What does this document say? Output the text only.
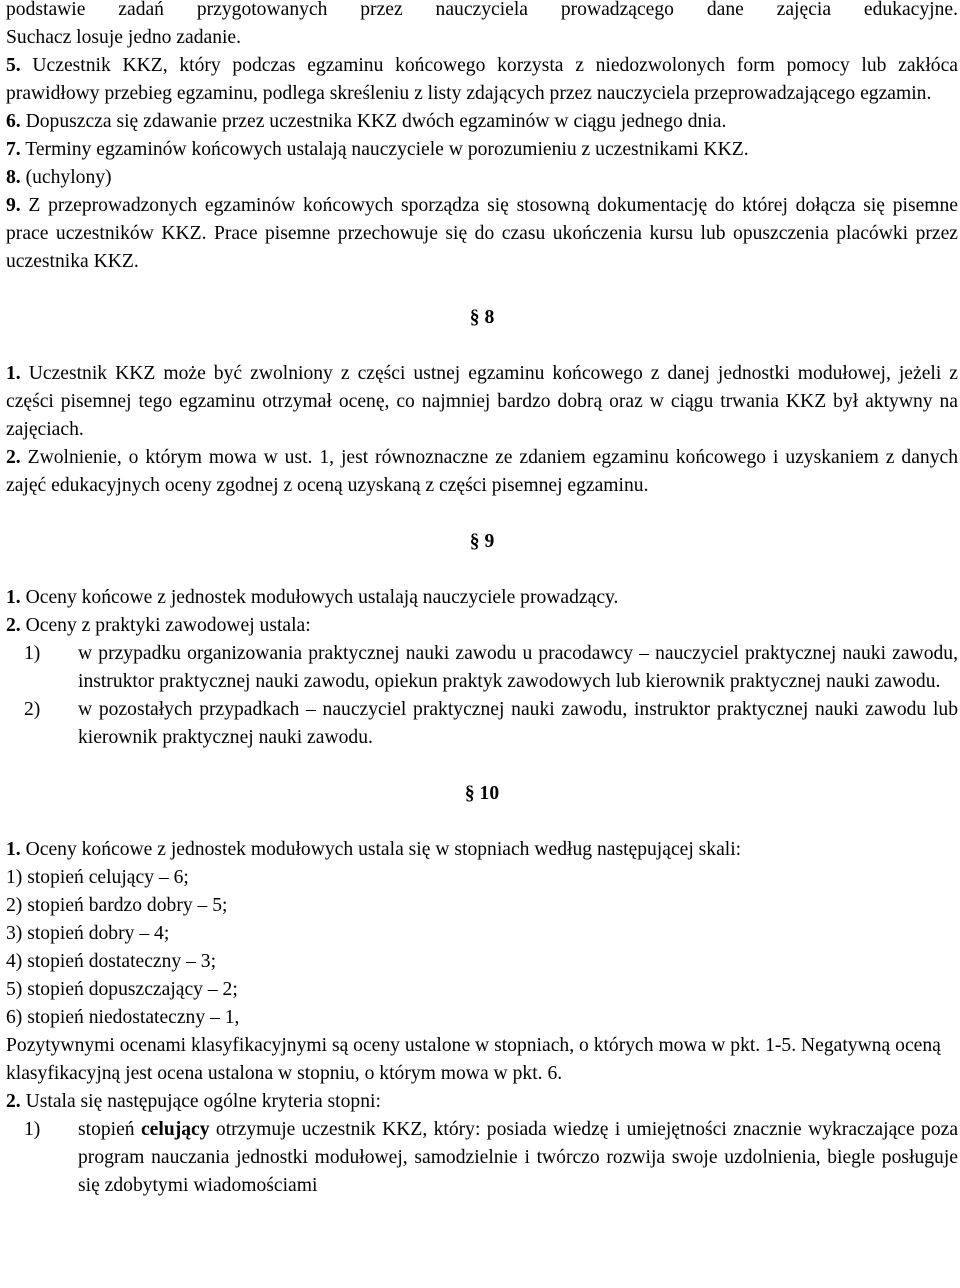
podstawie zadań przygotowanych przez nauczyciela prowadzącego dane zajęcia edukacyjne.

Suchacz losuje jedno zadanie.

5. Uczestnik KKZ, który podczas egzaminu końcowego korzysta z niedozwolonych form pomocy lub zakłóca prawidłowy przebieg egzaminu, podlega skreśleniu z listy zdających przez nauczyciela przeprowadzającego egzamin.

6. Dopuszcza się zdawanie przez uczestnika KKZ dwóch egzaminów w ciągu jednego dnia.

7. Terminy egzaminów końcowych ustalają nauczyciele w porozumieniu z uczestnikami KKZ.

8. (uchylony)

9. Z przeprowadzonych egzaminów końcowych sporządza się stosowną dokumentację do której dołącza się pisemne prace uczestników KKZ. Prace pisemne przechowuje się do czasu ukończenia kursu lub opuszczenia placówki przez uczestnika KKZ.

§ 8

1. Uczestnik KKZ może być zwolniony z części ustnej egzaminu końcowego z danej jednostki modułowej, jeżeli z części pisemnej tego egzaminu otrzymał ocenę, co najmniej bardzo dobrą oraz w ciągu trwania KKZ był aktywny na zajęciach.

2. Zwolnienie, o którym mowa w ust. 1, jest równoznaczne ze zdaniem egzaminu końcowego i uzyskaniem z danych zajęć edukacyjnych oceny zgodnej z oceną uzyskaną z części pisemnej egzaminu.

§ 9

1. Oceny końcowe z jednostek modułowych ustalają nauczyciele prowadzący.

2. Oceny z praktyki zawodowej ustala:

1)	w przypadku organizowania praktycznej nauki zawodu u pracodawcy – nauczyciel praktycznej nauki zawodu, instruktor praktycznej nauki zawodu, opiekun praktyk zawodowych lub kierownik praktycznej nauki zawodu.
2)	w pozostałych przypadkach – nauczyciel praktycznej nauki zawodu, instruktor praktycznej nauki zawodu lub kierownik praktycznej nauki zawodu.

§ 10

1. Oceny końcowe z jednostek modułowych ustala się w stopniach według następującej skali:

1) stopień celujący – 6;

2) stopień bardzo dobry – 5;

3) stopień dobry – 4;

4) stopień dostateczny – 3;

5) stopień dopuszczający – 2;

6) stopień niedostateczny – 1,

Pozytywnymi ocenami klasyfikacyjnymi są oceny ustalone w stopniach, o których mowa w pkt. 1-5. Negatywną oceną klasyfikacyjną jest ocena ustalona w stopniu, o którym mowa w pkt. 6.

2. Ustala się następujące ogólne kryteria stopni:

1)	stopień celujący otrzymuje uczestnik KKZ, który: posiada wiedzę i umiejętności znacznie wykraczające poza program nauczania jednostki modułowej, samodzielnie i twórczo rozwija swoje uzdolnienia, biegle posługuje się zdobytymi wiadomościami
